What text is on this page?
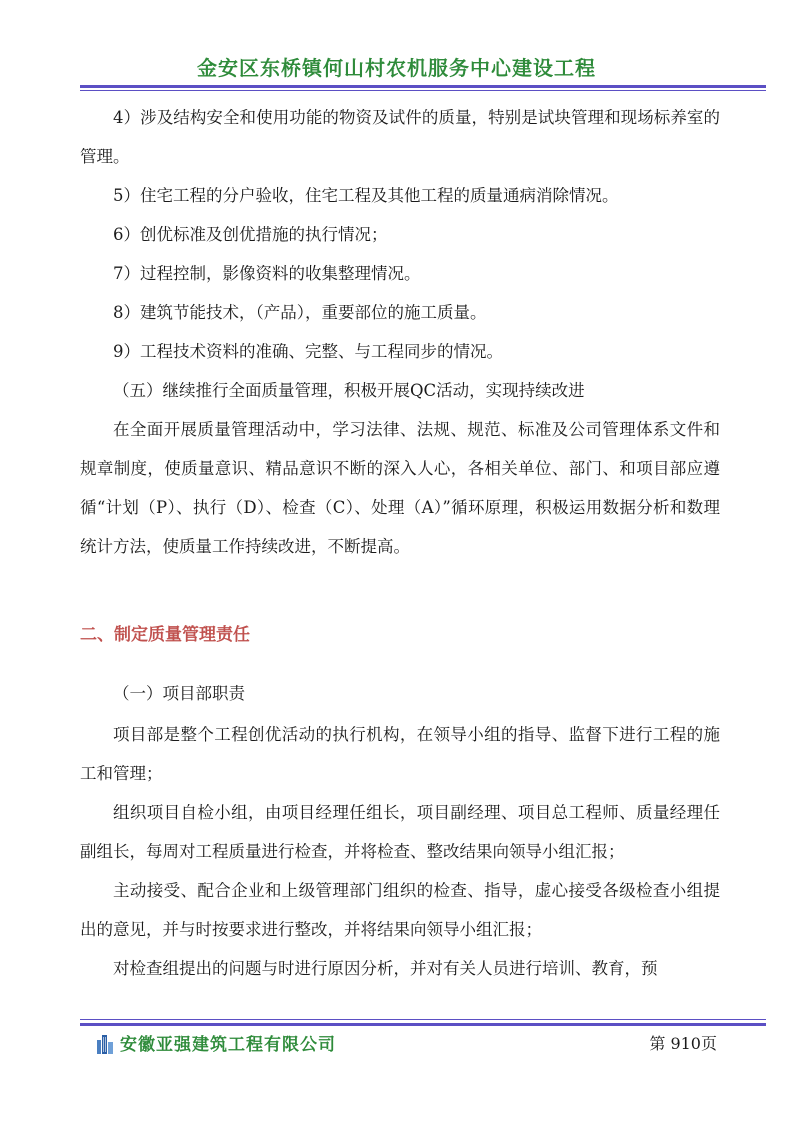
金安区东桥镇何山村农机服务中心建设工程

4）涉及结构安全和使用功能的物资及试件的质量，特别是试块管理和现场标养室的管理。

5）住宅工程的分户验收，住宅工程及其他工程的质量通病消除情况。

6）创优标准及创优措施的执行情况；

7）过程控制，影像资料的收集整理情况。

8）建筑节能技术，（产品），重要部位的施工质量。

9）工程技术资料的准确、完整、与工程同步的情况。

（五）继续推行全面质量管理，积极开展QC活动，实现持续改进

在全面开展质量管理活动中，学习法律、法规、规范、标准及公司管理体系文件和规章制度，使质量意识、精品意识不断的深入人心，各相关单位、部门、和项目部应遵循“计划（P）、执行（D）、检查（C）、处理（A）”循环原理，积极运用数据分析和数理统计方法，使质量工作持续改进，不断提高。

二、制定质量管理责任

（一）项目部职责

项目部是整个工程创优活动的执行机构，在领导小组的指导、监督下进行工程的施工和管理；

组织项目自检小组，由项目经理任组长，项目副经理、项目总工程师、质量经理任副组长，每周对工程质量进行检查，并将检查、整改结果向领导小组汇报；

主动接受、配合企业和上级管理部门组织的检查、指导，虚心接受各级检查小组提出的意见，并与时按要求进行整改，并将结果向领导小组汇报；

对检查组提出的问题与时进行原因分析，并对有关人员进行培训、教育，预

安徽亚强建筑工程有限公司	第 910页
